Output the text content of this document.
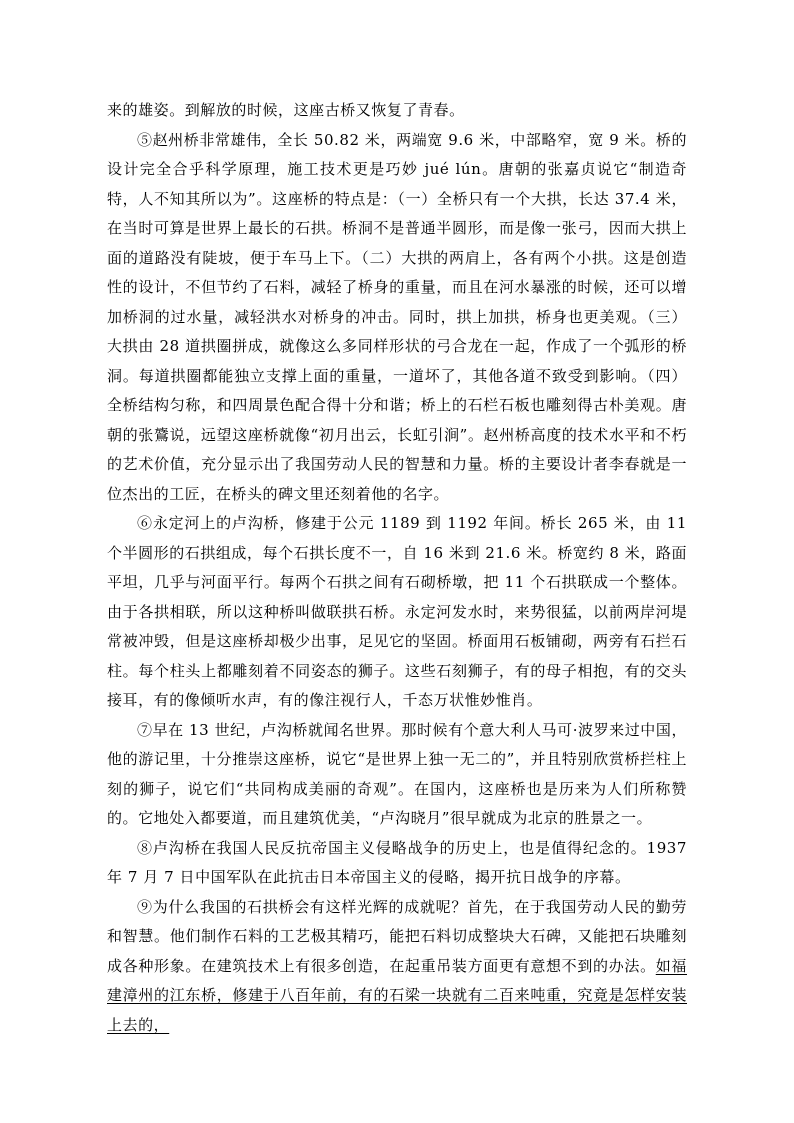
来的雄姿。到解放的时候，这座古桥又恢复了青春。

⑤赵州桥非常雄伟，全长 50.82 米，两端宽 9.6 米，中部略窄，宽 9 米。桥的设计完全合乎科学原理，施工技术更是巧妙 jué lún。唐朝的张嘉贞说它“制造奇特，人不知其所以为”。这座桥的特点是：（一）全桥只有一个大拱，长达 37.4 米，在当时可算是世界上最长的石拱。桥洞不是普通半圆形，而是像一张弓，因而大拱上面的道路没有陡坡，便于车马上下。（二）大拱的两肩上，各有两个小拱。这是创造性的设计，不但节约了石料，减轻了桥身的重量，而且在河水暴涨的时候，还可以增加桥洞的过水量，减轻洪水对桥身的冲击。同时，拱上加拱，桥身也更美观。（三）大拱由 28 道拱圈拼成，就像这么多同样形状的弓合龙在一起，作成了一个弧形的桥洞。每道拱圈都能独立支撑上面的重量，一道坏了，其他各道不致受到影响。（四）全桥结构匀称，和四周景色配合得十分和谐；桥上的石栏石板也雕刻得古朴美观。唐朝的张鷟说，远望这座桥就像“初月出云，长虹引涧”。赵州桥高度的技术水平和不朽的艺术价值，充分显示出了我国劳动人民的智慧和力量。桥的主要设计者李春就是一位杰出的工匠，在桥头的碑文里还刻着他的名字。

⑥永定河上的卢沟桥，修建于公元 1189 到 1192 年间。桥长 265 米，由 11 个半圆形的石拱组成，每个石拱长度不一，自 16 米到 21.6 米。桥宽约 8 米，路面平坦，几乎与河面平行。每两个石拱之间有石砌桥墩，把 11 个石拱联成一个整体。由于各拱相联，所以这种桥叫做联拱石桥。永定河发水时，来势很猛，以前两岸河堤常被冲毁，但是这座桥却极少出事，足见它的坚固。桥面用石板铺砌，两旁有石拦石柱。每个柱头上都雕刻着不同姿态的狮子。这些石刻狮子，有的母子相抱，有的交头接耳，有的像倾听水声，有的像注视行人，千态万状惟妙惟肖。

⑦早在 13 世纪，卢沟桥就闻名世界。那时候有个意大利人马可·波罗来过中国，他的游记里，十分推崇这座桥，说它“是世界上独一无二的”，并且特别欣赏桥拦柱上刻的狮子，说它们“共同构成美丽的奇观”。在国内，这座桥也是历来为人们所称赞的。它地处入都要道，而且建筑优美，“卢沟晓月”很早就成为北京的胜景之一。

⑧卢沟桥在我国人民反抗帝国主义侵略战争的历史上，也是值得纪念的。1937 年 7 月 7 日中国军队在此抗击日本帝国主义的侵略，揭开抗日战争的序幕。

⑨为什么我国的石拱桥会有这样光辉的成就呢？首先，在于我国劳动人民的勤劳和智慧。他们制作石料的工艺极其精巧，能把石料切成整块大石碑，又能把石块雕刻成各种形象。在建筑技术上有很多创造，在起重吊装方面更有意想不到的办法。如福建漳州的江东桥，修建于八百年前，有的石梁一块就有二百来吨重，究竟是怎样安装上去的，
